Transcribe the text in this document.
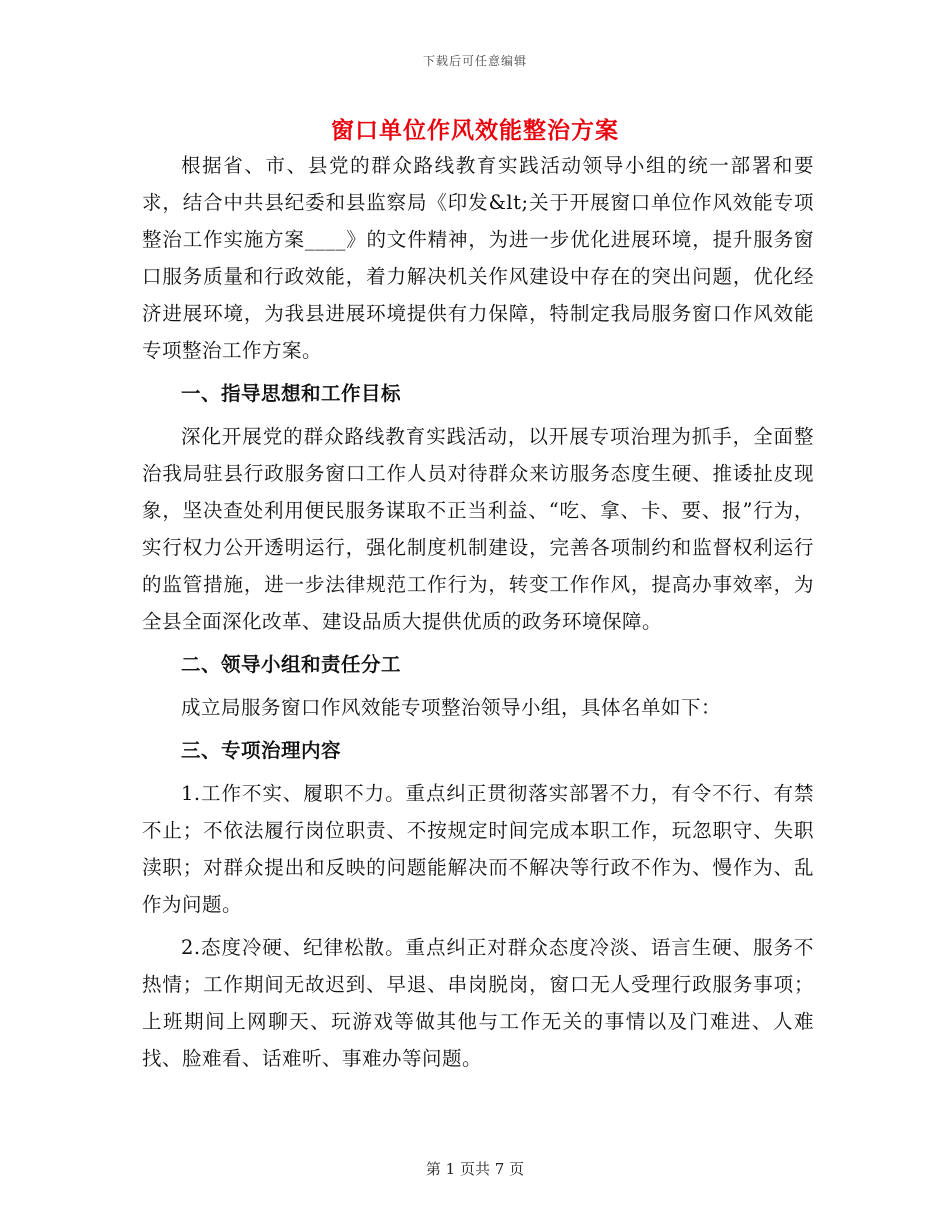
下载后可任意编辑
窗口单位作风效能整治方案

根据省、市、县党的群众路线教育实践活动领导小组的统一部署和要求，结合中共县纪委和县监察局《印发&lt;关于开展窗口单位作风效能专项整治工作实施方案____》的文件精神，为进一步优化进展环境，提升服务窗口服务质量和行政效能，着力解决机关作风建设中存在的突出问题，优化经济进展环境，为我县进展环境提供有力保障，特制定我局服务窗口作风效能专项整治工作方案。

一、指导思想和工作目标

深化开展党的群众路线教育实践活动，以开展专项治理为抓手，全面整治我局驻县行政服务窗口工作人员对待群众来访服务态度生硬、推诿扯皮现象，坚决查处利用便民服务谋取不正当利益、“吃、拿、卡、要、报”行为，实行权力公开透明运行，强化制度机制建设，完善各项制约和监督权利运行的监管措施，进一步法律规范工作行为，转变工作作风，提高办事效率，为全县全面深化改革、建设品质大提供优质的政务环境保障。

二、领导小组和责任分工

成立局服务窗口作风效能专项整治领导小组，具体名单如下：

三、专项治理内容

1.工作不实、履职不力。重点纠正贯彻落实部署不力，有令不行、有禁不止；不依法履行岗位职责、不按规定时间完成本职工作，玩忽职守、失职渎职；对群众提出和反映的问题能解决而不解决等行政不作为、慢作为、乱作为问题。

2.态度冷硬、纪律松散。重点纠正对群众态度冷淡、语言生硬、服务不热情；工作期间无故迟到、早退、串岗脱岗，窗口无人受理行政服务事项；上班期间上网聊天、玩游戏等做其他与工作无关的事情以及门难进、人难找、脸难看、话难听、事难办等问题。

第 1 页共 7 页
